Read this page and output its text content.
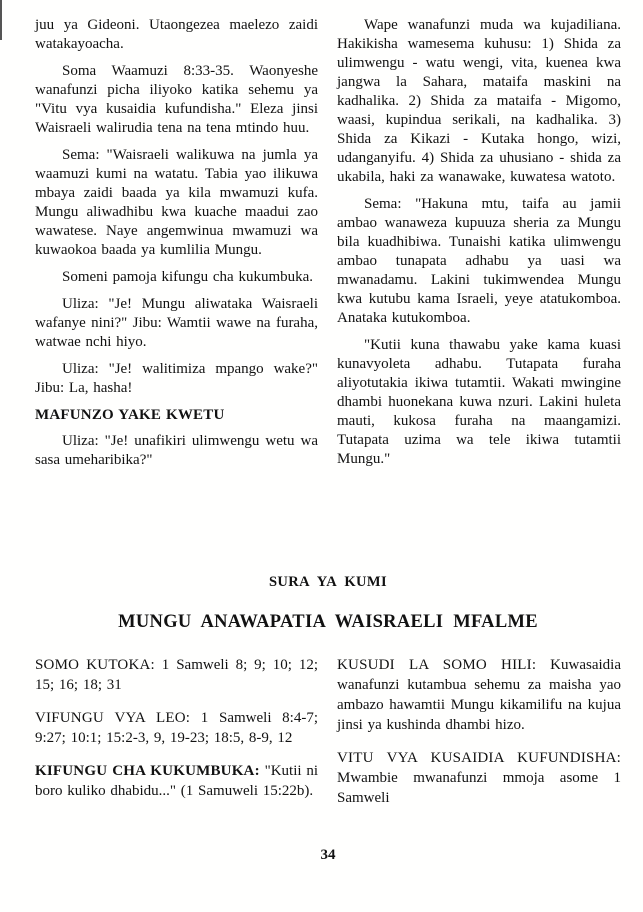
juu ya Gideoni. Utaongezea maelezo zaidi watakayoacha.

Soma Waamuzi 8:33-35. Waonyeshe wanafunzi picha iliyoko katika sehemu ya "Vitu vya kusaidia kufundisha." Eleza jinsi Waisraeli walirudia tena na tena mtindo huu.

Sema: "Waisraeli walikuwa na jumla ya waamuzi kumi na watatu. Tabia yao ilikuwa mbaya zaidi baada ya kila mwamuzi kufa. Mungu aliwadhibu kwa kuache maadui zao wawatese. Naye angemwinua mwamuzi wa kuwaokoa baada ya kumlilia Mungu.

Someni pamoja kifungu cha kukumbuka.

Uliza: "Je! Mungu aliwataka Waisraeli wafanye nini?" Jibu: Wamtii wawe na furaha, watwae nchi hiyo.

Uliza: "Je! walitimiza mpango wake?" Jibu: La, hasha!

MAFUNZO YAKE KWETU

Uliza: "Je! unafikiri ulimwengu wetu wa sasa umeharibika?"

Wape wanafunzi muda wa kujadiliana. Hakikisha wamesema kuhusu: 1) Shida za ulimwengu - watu wengi, vita, kuenea kwa jangwa la Sahara, mataifa maskini na kadhalika. 2) Shida za mataifa - Migomo, waasi, kupindua serikali, na kadhalika. 3) Shida za Kikazi - Kutaka hongo, wizi, udanganyifu. 4) Shida za uhusiano - shida za ukabila, haki za wanawake, kuwatesa watoto.

Sema: "Hakuna mtu, taifa au jamii ambao wanaweza kupuuza sheria za Mungu bila kuadhibiwa. Tunaishi katika ulimwengu ambao tunapata adhabu ya uasi wa mwanadamu. Lakini tukimwendea Mungu kwa kutubu kama Israeli, yeye atatukomboa. Anataka kutukomboa.

"Kutii kuna thawabu yake kama kuasi kunavyoleta adhabu. Tutapata furaha aliyotutakia ikiwa tutamtii. Wakati mwingine dhambi huonekana kuwa nzuri. Lakini huleta mauti, kukosa furaha na maangamizi. Tutapata uzima wa tele ikiwa tutamtii Mungu."

SURA YA KUMI
MUNGU ANAWAPATIA WAISRAELI MFALME

SOMO KUTOKA: 1 Samweli 8; 9; 10; 12; 15; 16; 18; 31

VIFUNGU VYA LEO: 1 Samweli 8:4-7; 9:27; 10:1; 15:2-3, 9, 19-23; 18:5, 8-9, 12

KIFUNGU CHA KUKUMBUKA: "Kutii ni boro kuliko dhabidu..." (1 Samuweli 15:22b).

KUSUDI LA SOMO HILI: Kuwasaidia wanafunzi kutambua sehemu za maisha yao ambazo hawamtii Mungu kikamilifu na kujua jinsi ya kushinda dhambi hizo.

VITU VYA KUSAIDIA KUFUNDISHA: Mwambie mwanafunzi mmoja asome 1 Samweli

34
